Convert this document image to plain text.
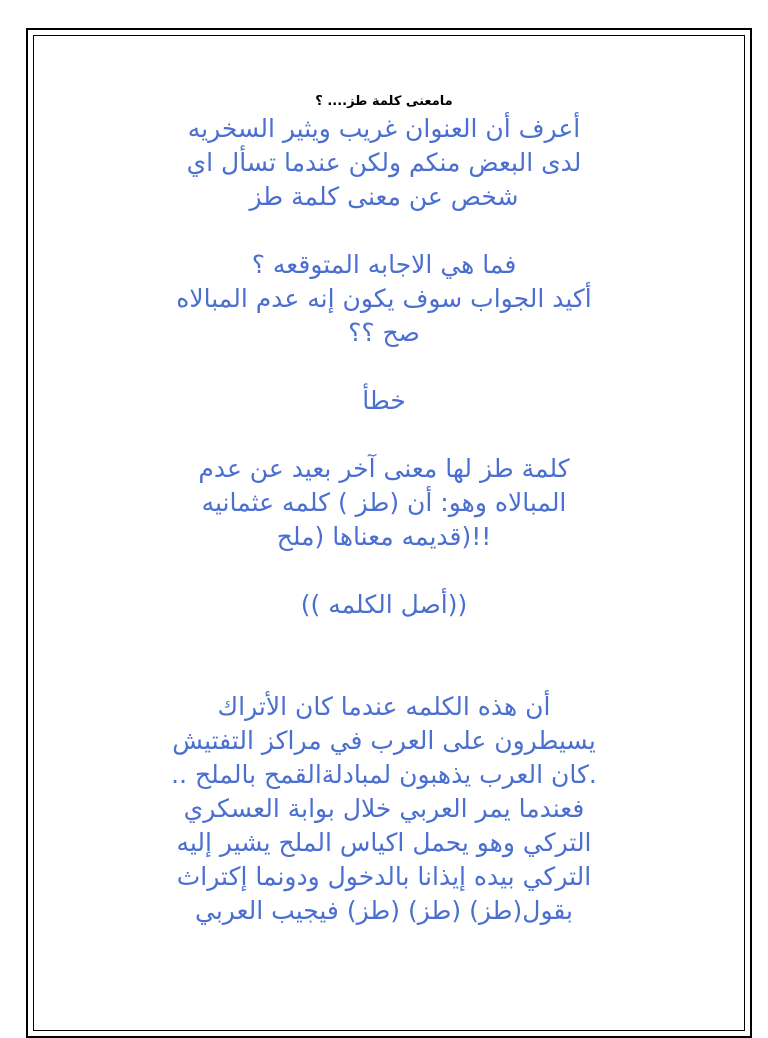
مامعنى كلمة طز.... ؟

أعرف أن العنوان غريب ويثير السخريه

لدى البعض منكم ولكن عندما تسأل اي

شخص عن معنى كلمة طز

فما هي الاجابه المتوقعه ؟

أكيد الجواب سوف يكون إنه عدم المبالاه

صح ؟؟

خطأ

كلمة طز لها معنى آخر بعيد عن عدم

المبالاه وهو: أن (طز ) كلمه عثمانيه

!!(قديمه معناها (ملح

((أصل الكلمه ))

أن هذه الكلمه عندما كان الأتراك

يسيطرون على العرب في مراكز التفتيش

.كان العرب يذهبون لمبادلةالقمح بالملح ..

فعندما يمر العربي خلال بوابة العسكري

التركي وهو يحمل اكياس الملح يشير إليه

التركي بيده إيذانا بالدخول ودونما إكتراث

بقول(طز) (طز) (طز) فيجيب العربي
